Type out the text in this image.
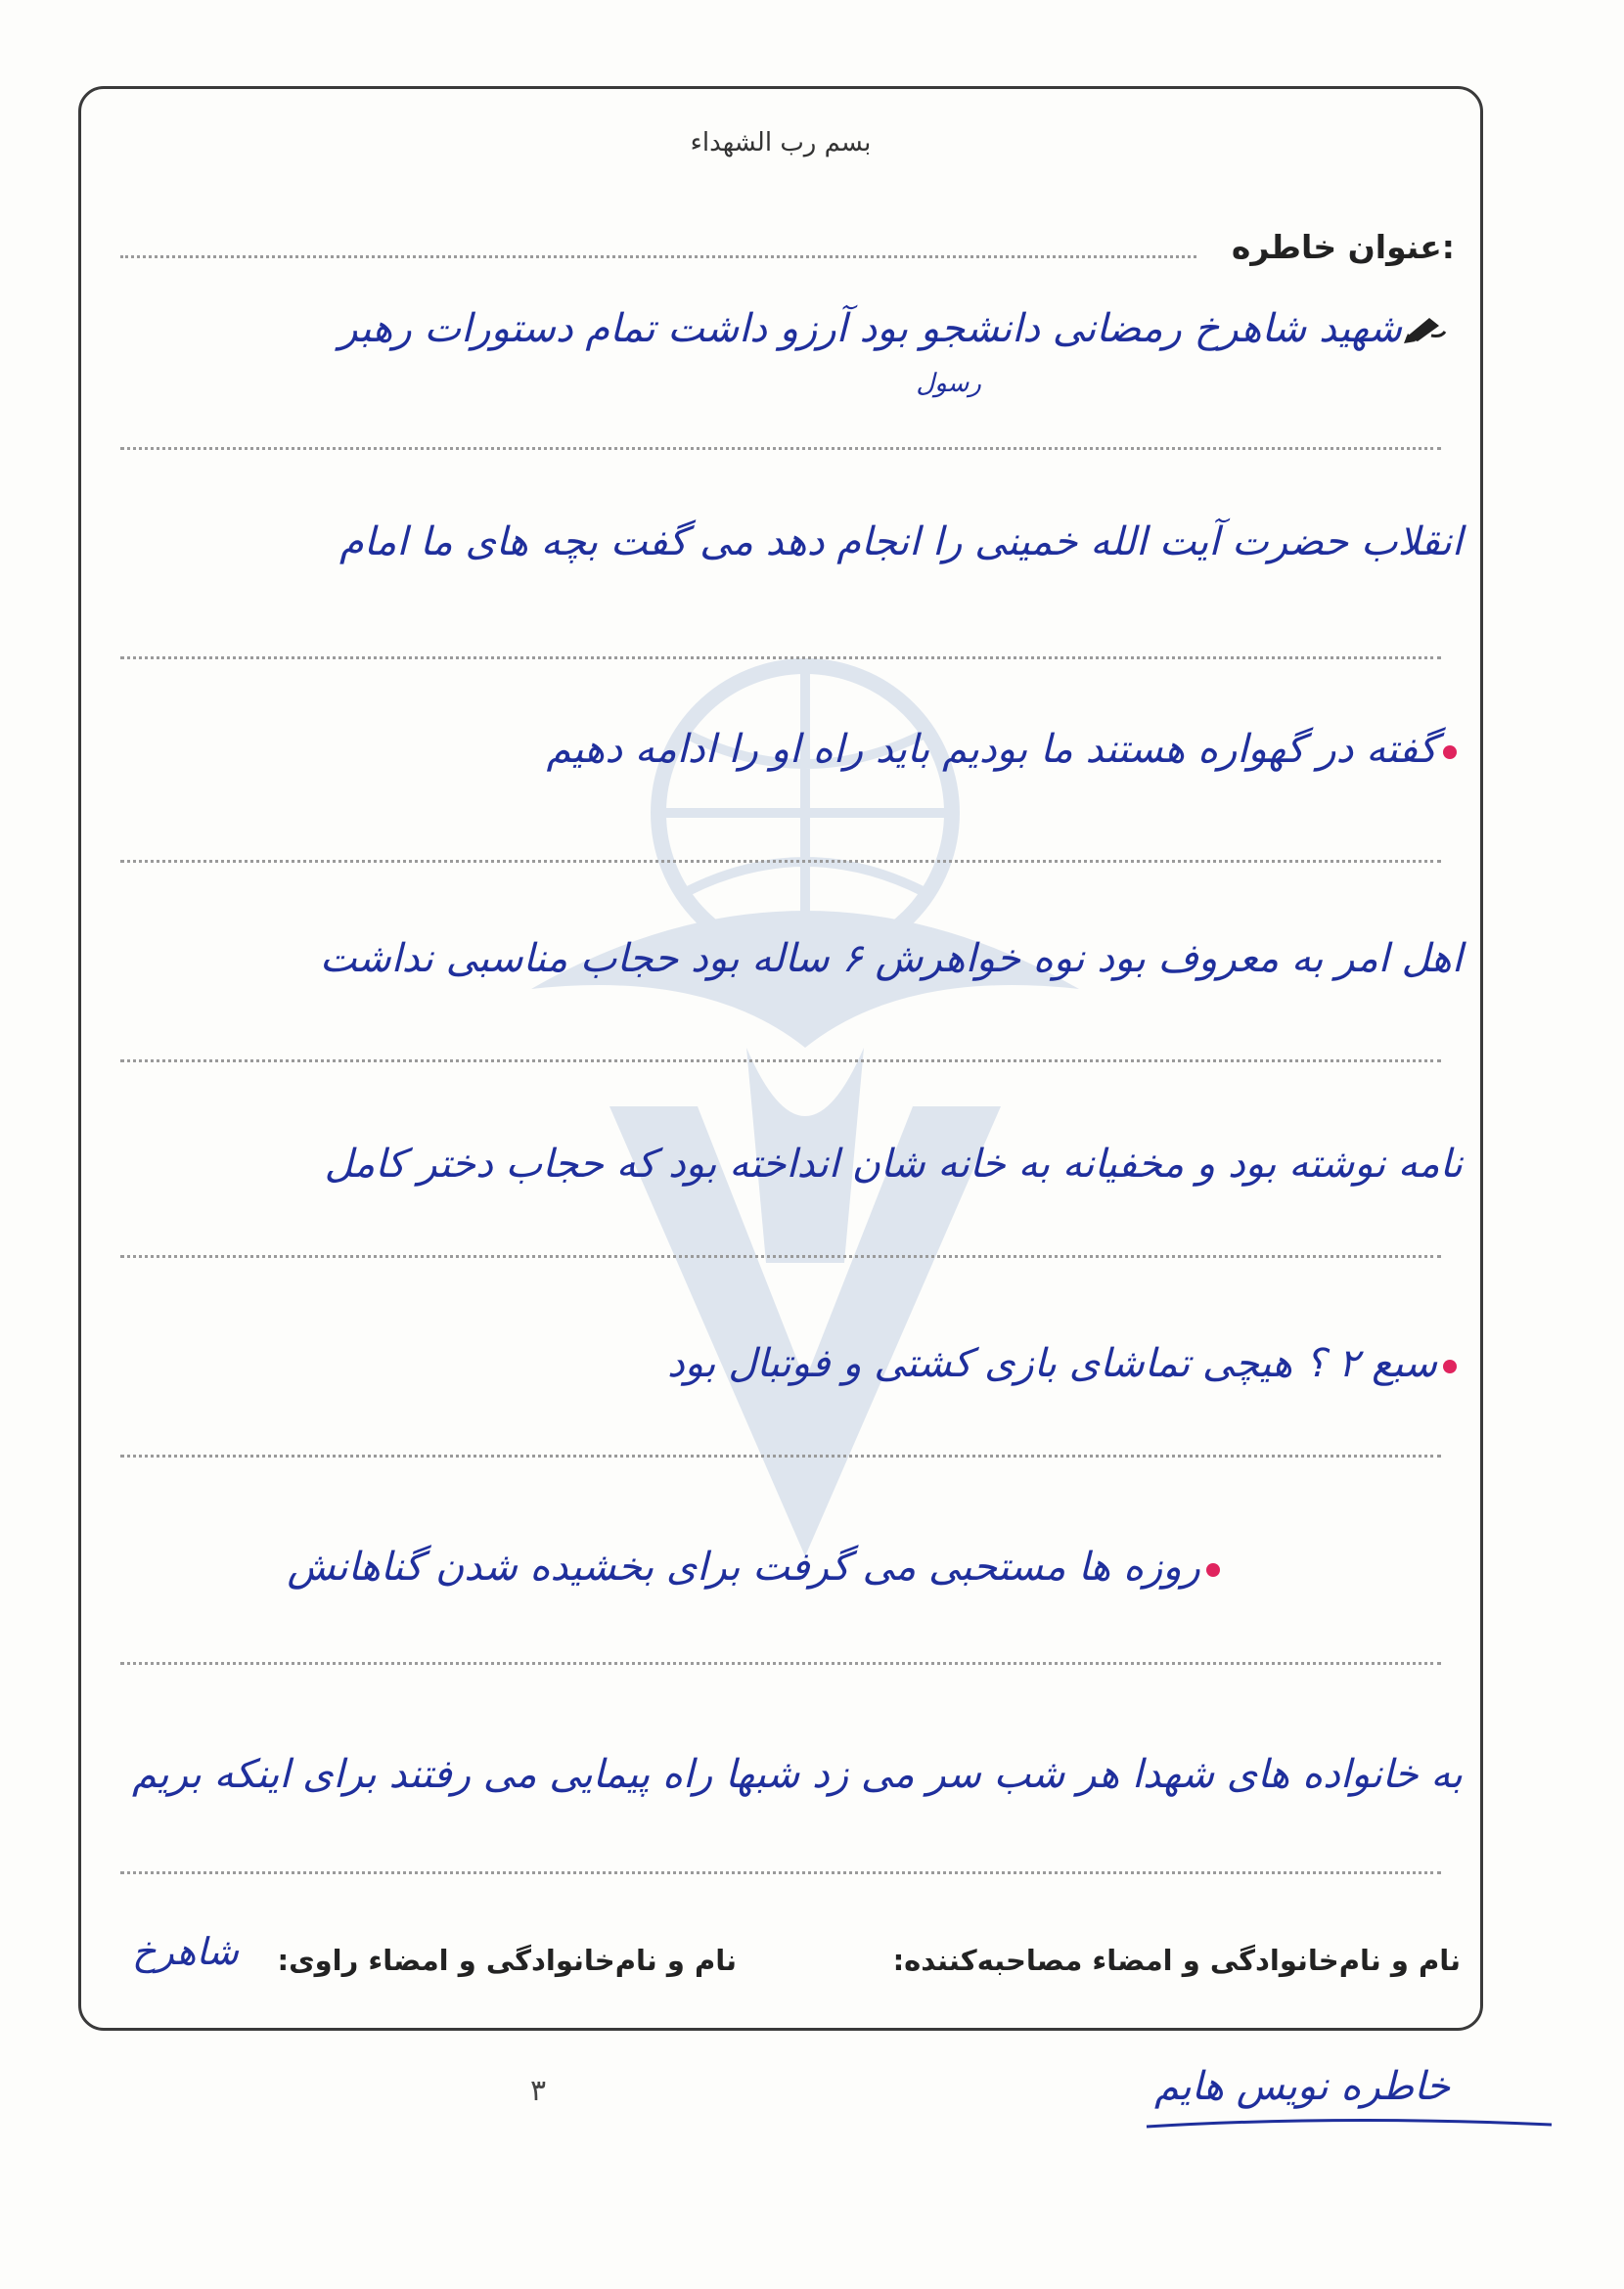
بسم رب الشهداء
عنوان خاطره:
شهید شاهرخ رمضانی دانشجو بود آرزو داشت تمام دستورات رهبر
رسول
انقلاب حضرت آیت الله خمینی را انجام دهد می گفت بچه های ما امام
گفته در گهواره هستند ما بودیم باید راه او را ادامه دهیم
اهل امر به معروف بود نوه خواهرش ۶ ساله بود حجاب مناسبی نداشت
نامه نوشته بود و مخفیانه به خانه شان انداخته بود که حجاب دختر کامل
سبع ۲ ؟ هیچی تماشای بازی کشتی و فوتبال بود
روزه ها مستحبی می گرفت برای بخشیده شدن گناهانش
به خانواده های شهدا هر شب سر می زد شبها راه پیمایی می رفتند برای اینکه بریم
نام و نام‌خانوادگی و امضاء مصاحبه‌کننده:
نام و نام‌خانوادگی و امضاء راوی:
شاهرخ
۳	خاطره نویس هایم
